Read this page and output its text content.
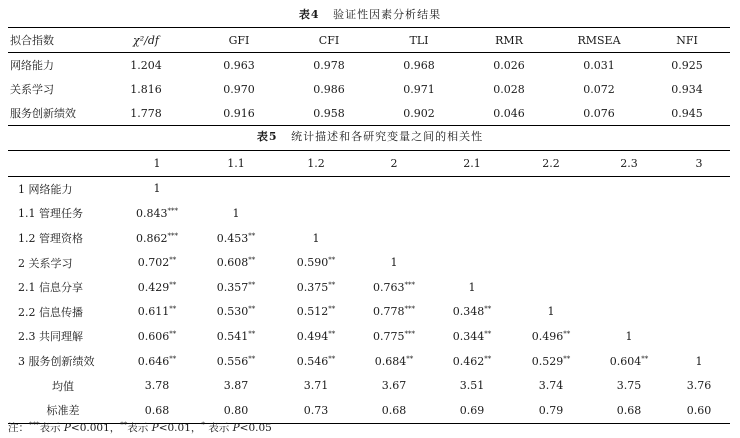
表4 验证性因素分析结果
拟合指数	χ²/df	GFI	CFI	TLI	RMR	RMSEA	NFI
网络能力	1.204	0.963	0.978	0.968	0.026	0.031	0.925
关系学习	1.816	0.970	0.986	0.971	0.028	0.072	0.934
服务创新绩效	1.778	0.916	0.958	0.902	0.046	0.076	0.945
表5 统计描述和各研究变量之间的相关性
	1	1.1	1.2	2	2.1	2.2	2.3	3
1 网络能力	1							
1.1 管理任务	0.843***	1						
1.2 管理资格	0.862***	0.453**	1					
2 关系学习	0.702**	0.608**	0.590**	1				
2.1 信息分享	0.429**	0.357**	0.375**	0.763***	1			
2.2 信息传播	0.611**	0.530**	0.512**	0.778***	0.348**	1		
2.3 共同理解	0.606**	0.541**	0.494**	0.775***	0.344**	0.496**	1	
3 服务创新绩效	0.646**	0.556**	0.546**	0.684**	0.462**	0.529**	0.604**	1
均值	3.78	3.87	3.71	3.67	3.51	3.74	3.75	3.76
标准差	0.68	0.80	0.73	0.68	0.69	0.79	0.68	0.60
注：***表示 P<0.001，**表示 P<0.01，* 表示 P<0.05
